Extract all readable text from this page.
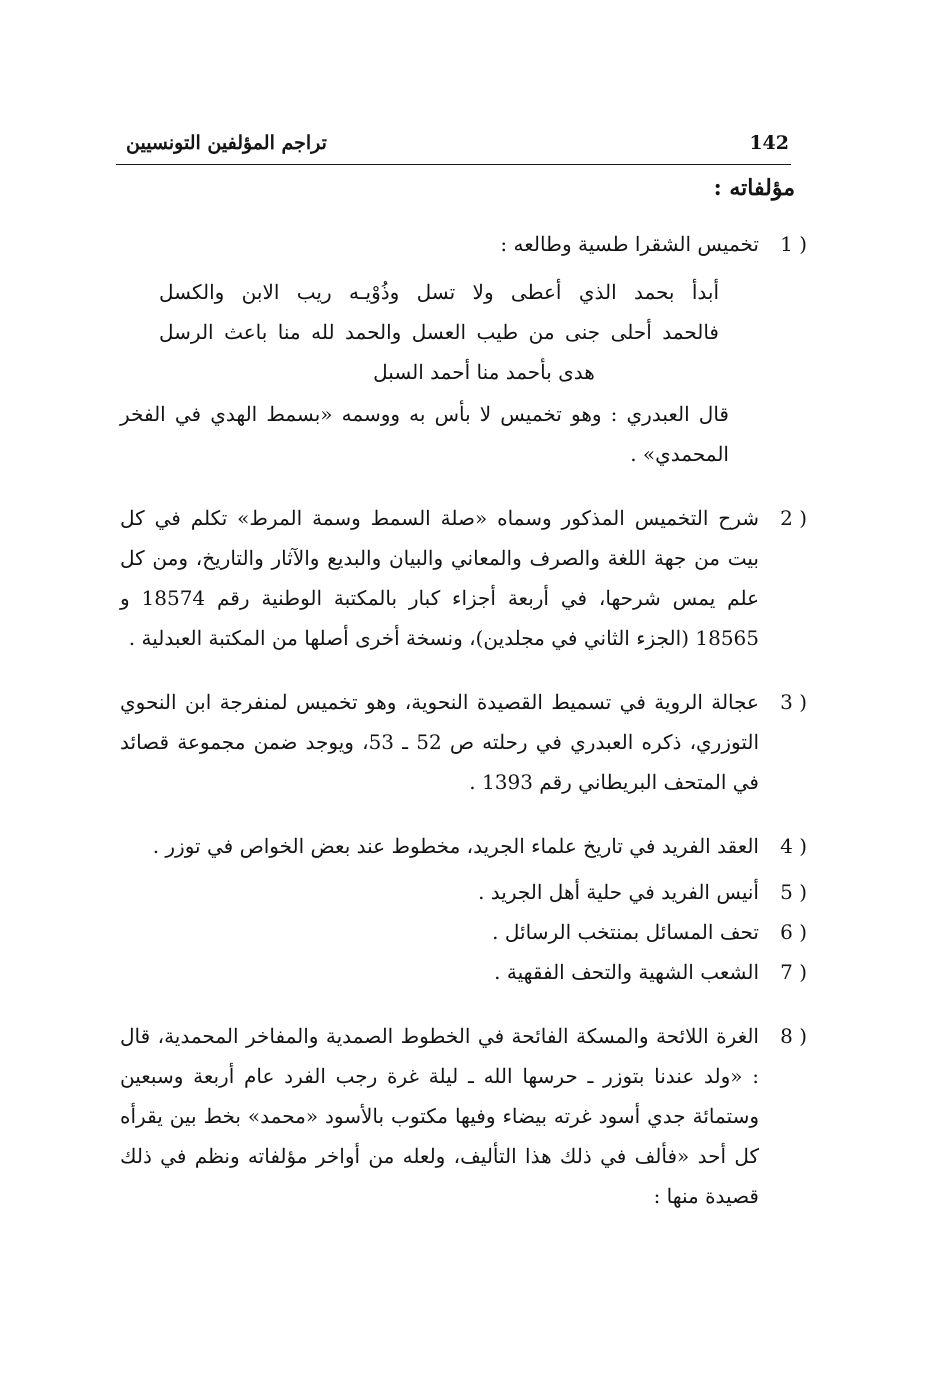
تراجم المؤلفين التونسيين	142
مؤلفاته :
1 )

تخميس الشقرا طسية وطالعه :

أبدأ بحمد الذي أعطى ولا تسل وذُوْيـه ريب الابن والكسل
فالحمد أحلى جنى من طيب العسل والحمد لله منا باعث الرسل
هدى بأحمد منا أحمد السبل

قال العبدري : وهو تخميس لا بأس به ووسمه «بسمط الهدي في الفخر المحمدي» .

2 )

شرح التخميس المذكور وسماه «صلة السمط وسمة المرط» تكلم في كل بيت من جهة اللغة والصرف والمعاني والبيان والبديع والآثار والتاريخ، ومن كل علم يمس شرحها، في أربعة أجزاء كبار بالمكتبة الوطنية رقم 18574 و 18565 (الجزء الثاني في مجلدين)، ونسخة أخرى أصلها من المكتبة العبدلية .

3 )

عجالة الروية في تسميط القصيدة النحوية، وهو تخميس لمنفرجة ابن النحوي التوزري، ذكره العبدري في رحلته ص 52 ـ 53، ويوجد ضمن مجموعة قصائد في المتحف البريطاني رقم 1393 .

4 )

العقد الفريد في تاريخ علماء الجريد، مخطوط عند بعض الخواص في توزر .

5 )

أنيس الفريد في حلية أهل الجريد .

6 )

تحف المسائل بمنتخب الرسائل .

7 )

الشعب الشهية والتحف الفقهية .

8 )

الغرة اللائحة والمسكة الفائحة في الخطوط الصمدية والمفاخر المحمدية، قال : «ولد عندنا بتوزر ـ حرسها الله ـ ليلة غرة رجب الفرد عام أربعة وسبعين وستمائة جدي أسود غرته بيضاء وفيها مكتوب بالأسود «محمد» بخط بين يقرأه كل أحد «فألف في ذلك هذا التأليف، ولعله من أواخر مؤلفاته ونظم في ذلك قصيدة منها :
